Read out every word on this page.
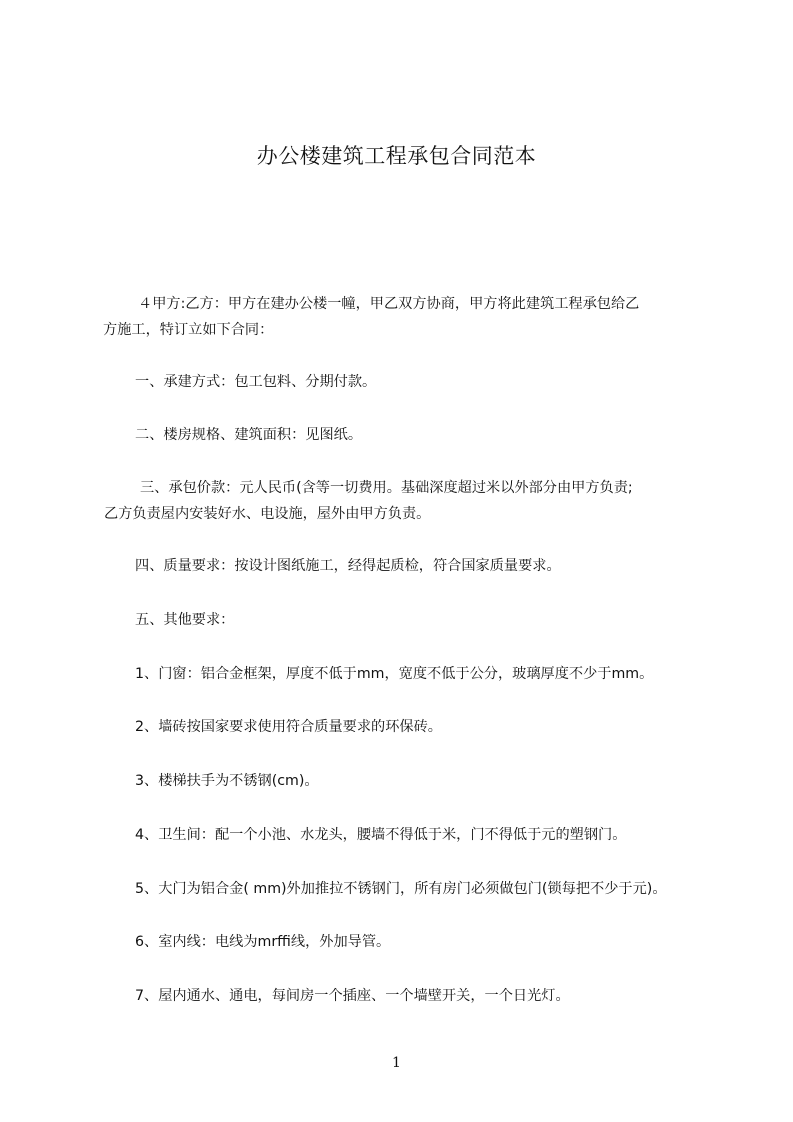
办公楼建筑工程承包合同范本
４甲方:乙方：甲方在建办公楼一幢，甲乙双方协商，甲方将此建筑工程承包给乙
方施工，特订立如下合同：
一、承建方式：包工包料、分期付款。
二、楼房规格、建筑面积：见图纸。
三、承包价款：元人民币(含等一切费用。基础深度超过米以外部分由甲方负责;
乙方负责屋内安装好水、电设施，屋外由甲方负责。
四、质量要求：按设计图纸施工，经得起质检，符合国家质量要求。
五、其他要求：
1、门窗：铝合金框架，厚度不低于mm，宽度不低于公分，玻璃厚度不少于mm。
2、墙砖按国家要求使用符合质量要求的环保砖。
3、楼梯扶手为不锈钢(cm)。
4、卫生间：配一个小池、水龙头，腰墙不得低于米，门不得低于元的塑钢门。
5、大门为铝合金( mm)外加推拉不锈钢门，所有房门必须做包门(锁每把不少于元)。
6、室内线：电线为mrffi线，外加导管。
7、屋内通水、通电，每间房一个插座、一个墙壁开关，一个日光灯。
1
